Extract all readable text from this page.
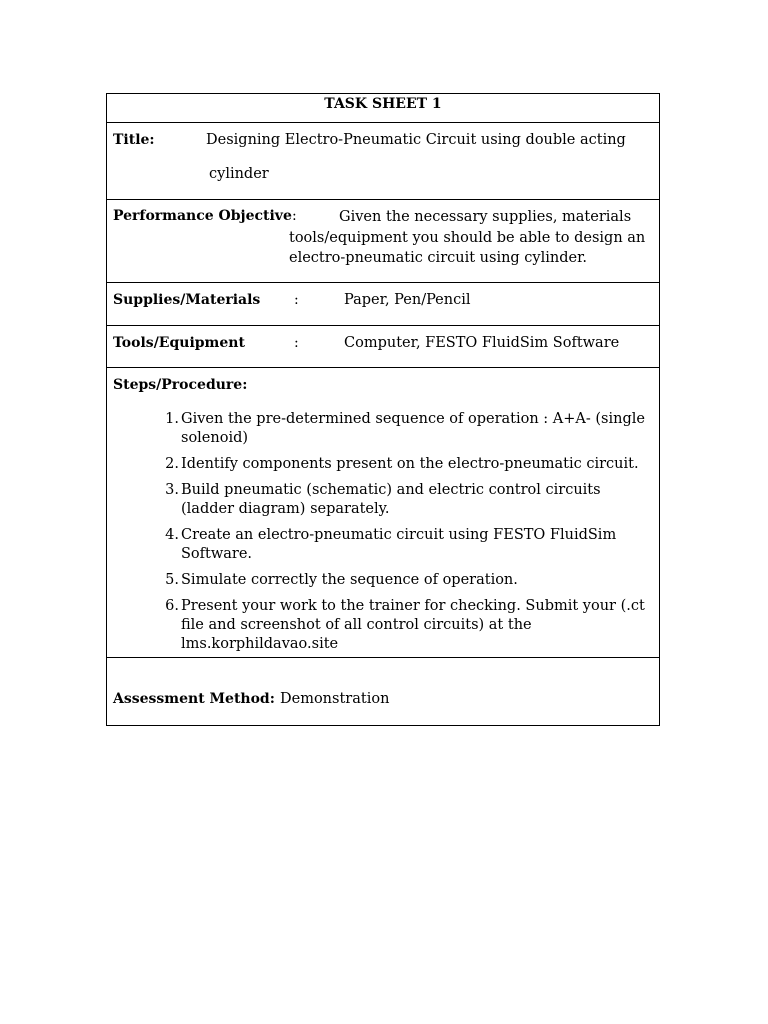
TASK SHEET 1
Title:	Designing Electro-Pneumatic Circuit using double acting
cylinder
Performance Objective :	Given the necessary supplies, materials tools/equipment you should be able to design an electro-pneumatic circuit using cylinder.
Supplies/Materials :	Paper, Pen/Pencil
Tools/Equipment	:	Computer, FESTO FluidSim Software
Steps/Procedure:
1. Given the pre-determined sequence of operation : A+A- (single solenoid)
2. Identify components present on the electro-pneumatic circuit.
3. Build pneumatic (schematic) and electric control circuits (ladder diagram) separately.
4. Create an electro-pneumatic circuit using FESTO FluidSim Software.
5. Simulate correctly the sequence of operation.
6. Present your work to the trainer for checking. Submit your (.ct file and screenshot of all control circuits) at the lms.korphildavao.site
Assessment Method: Demonstration
